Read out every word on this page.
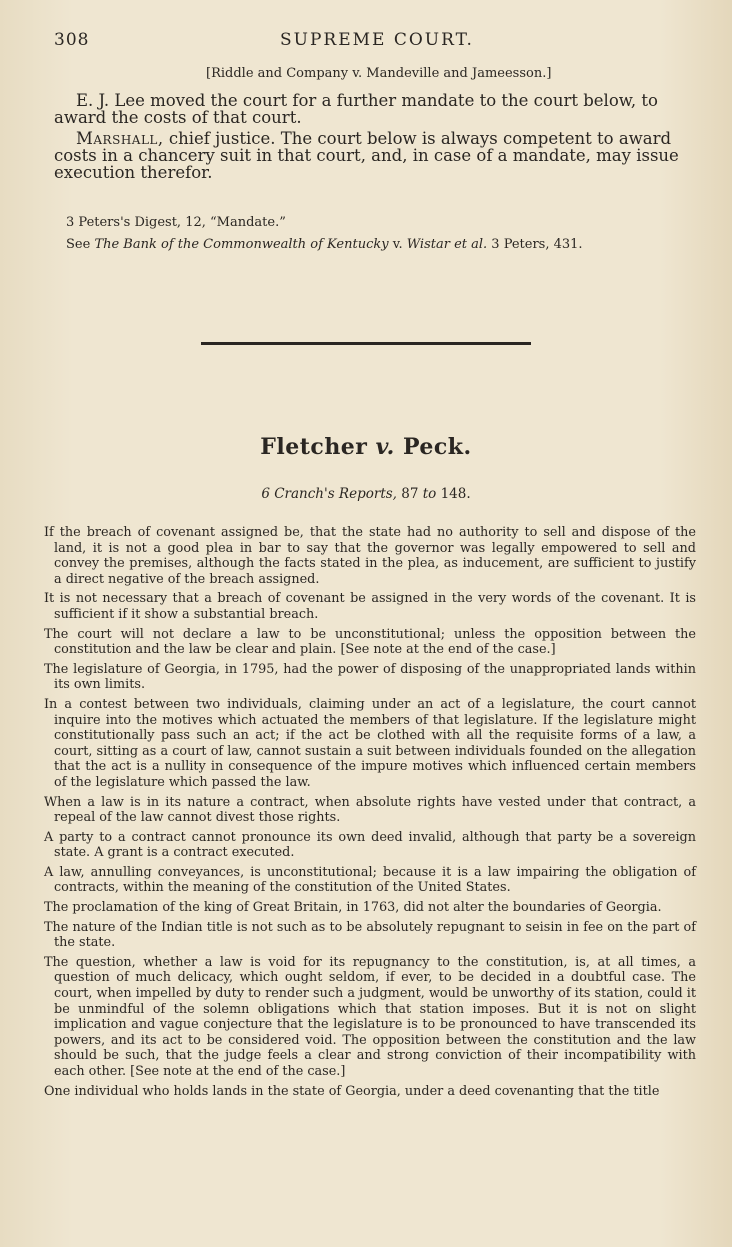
308	SUPREME COURT.
[Riddle and Company v. Mandeville and Jameesson.]

E. J. Lee moved the court for a further mandate to the court below, to award the costs of that court.

Marshall, chief justice. The court below is always competent to award costs in a chancery suit in that court, and, in case of a mandate, may issue execution therefor.

3 Peters's Digest, 12, “Mandate.”

See The Bank of the Commonwealth of Kentucky v. Wistar et al. 3 Peters, 431.

Fletcher v. Peck.
6 Cranch's Reports, 87 to 148.

If the breach of covenant assigned be, that the state had no authority to sell and dispose of the land, it is not a good plea in bar to say that the governor was legally empowered to sell and convey the premises, although the facts stated in the plea, as inducement, are sufficient to justify a direct negative of the breach assigned.

It is not necessary that a breach of covenant be assigned in the very words of the covenant. It is sufficient if it show a substantial breach.

The court will not declare a law to be unconstitutional; unless the opposition between the constitution and the law be clear and plain. [See note at the end of the case.]

The legislature of Georgia, in 1795, had the power of disposing of the unappropriated lands within its own limits.

In a contest between two individuals, claiming under an act of a legislature, the court cannot inquire into the motives which actuated the members of that legislature. If the legislature might constitutionally pass such an act; if the act be clothed with all the requisite forms of a law, a court, sitting as a court of law, cannot sustain a suit between individuals founded on the allegation that the act is a nullity in consequence of the impure motives which influenced certain members of the legislature which passed the law.

When a law is in its nature a contract, when absolute rights have vested under that contract, a repeal of the law cannot divest those rights.

A party to a contract cannot pronounce its own deed invalid, although that party be a sovereign state. A grant is a contract executed.

A law, annulling conveyances, is unconstitutional; because it is a law impairing the obligation of contracts, within the meaning of the constitution of the United States.

The proclamation of the king of Great Britain, in 1763, did not alter the boundaries of Georgia.

The nature of the Indian title is not such as to be absolutely repugnant to seisin in fee on the part of the state.

The question, whether a law is void for its repugnancy to the constitution, is, at all times, a question of much delicacy, which ought seldom, if ever, to be decided in a doubtful case. The court, when impelled by duty to render such a judgment, would be unworthy of its station, could it be unmindful of the solemn obligations which that station imposes. But it is not on slight implication and vague conjecture that the legislature is to be pronounced to have transcended its powers, and its act to be considered void. The opposition between the constitution and the law should be such, that the judge feels a clear and strong conviction of their incompatibility with each other. [See note at the end of the case.]

One individual who holds lands in the state of Georgia, under a deed covenanting that the title
